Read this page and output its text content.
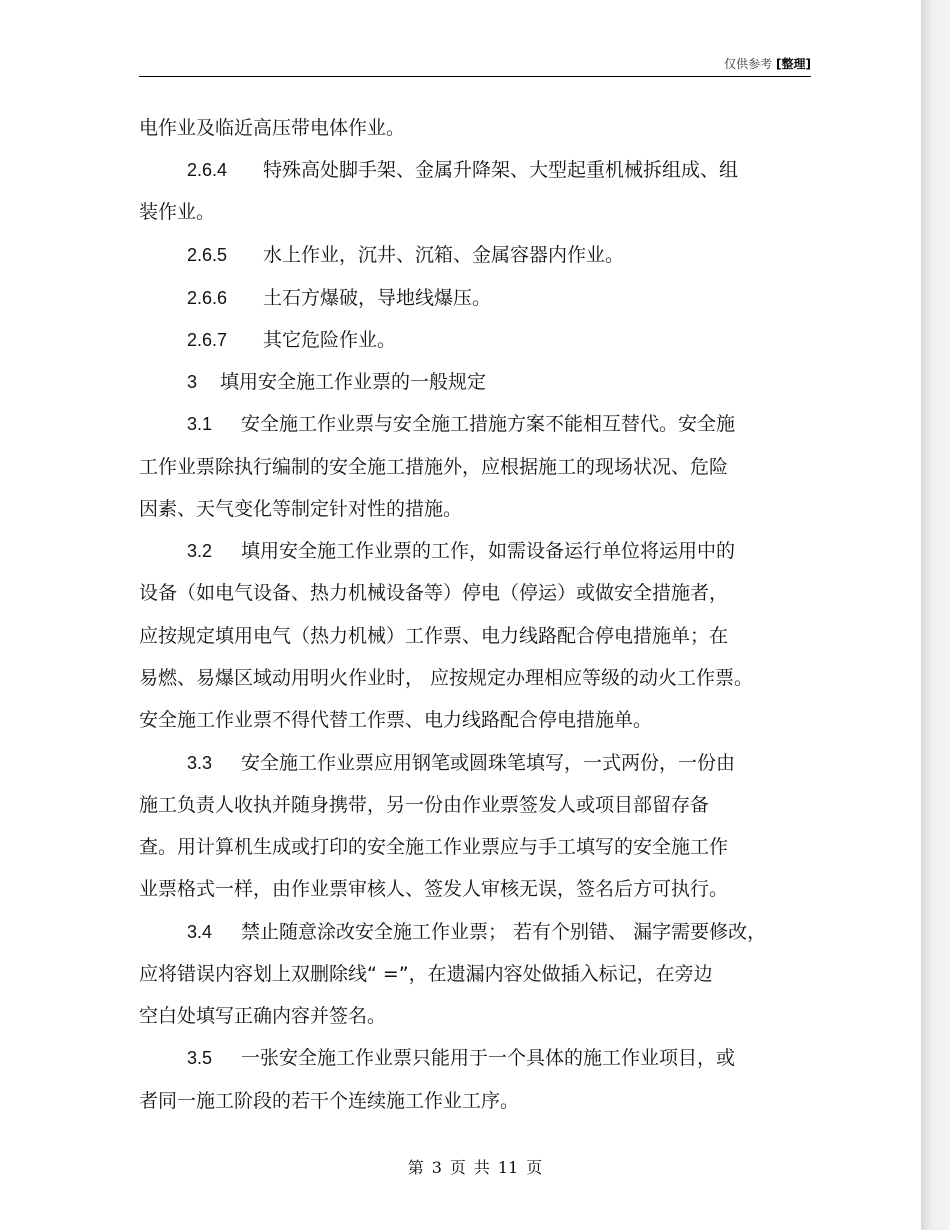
仅供参考 [整理]
电作业及临近高压带电体作业。
2.6.4 特殊高处脚手架、金属升降架、大型起重机械拆组成、组
装作业。
2.6.5 水上作业，沉井、沉箱、金属容器内作业。
2.6.6 土石方爆破，导地线爆压。
2.6.7 其它危险作业。
3 填用安全施工作业票的一般规定
3.1 安全施工作业票与安全施工措施方案不能相互替代。安全施
工作业票除执行编制的安全施工措施外，应根据施工的现场状况、危险
因素、天气变化等制定针对性的措施。
3.2 填用安全施工作业票的工作，如需设备运行单位将运用中的
设备（如电气设备、热力机械设备等）停电（停运）或做安全措施者，
应按规定填用电气（热力机械）工作票、电力线路配合停电措施单；在
易燃、易爆区域动用明火作业时， 应按规定办理相应等级的动火工作票。
安全施工作业票不得代替工作票、电力线路配合停电措施单。
3.3 安全施工作业票应用钢笔或圆珠笔填写，一式两份，一份由
施工负责人收执并随身携带，另一份由作业票签发人或项目部留存备
查。用计算机生成或打印的安全施工作业票应与手工填写的安全施工作
业票格式一样，由作业票审核人、签发人审核无误，签名后方可执行。
3.4 禁止随意涂改安全施工作业票； 若有个别错、 漏字需要修改，
应将错误内容划上双删除线“ =”，在遗漏内容处做插入标记，在旁边
空白处填写正确内容并签名。
3.5 一张安全施工作业票只能用于一个具体的施工作业项目，或
者同一施工阶段的若干个连续施工作业工序。
第 3 页 共 11 页
